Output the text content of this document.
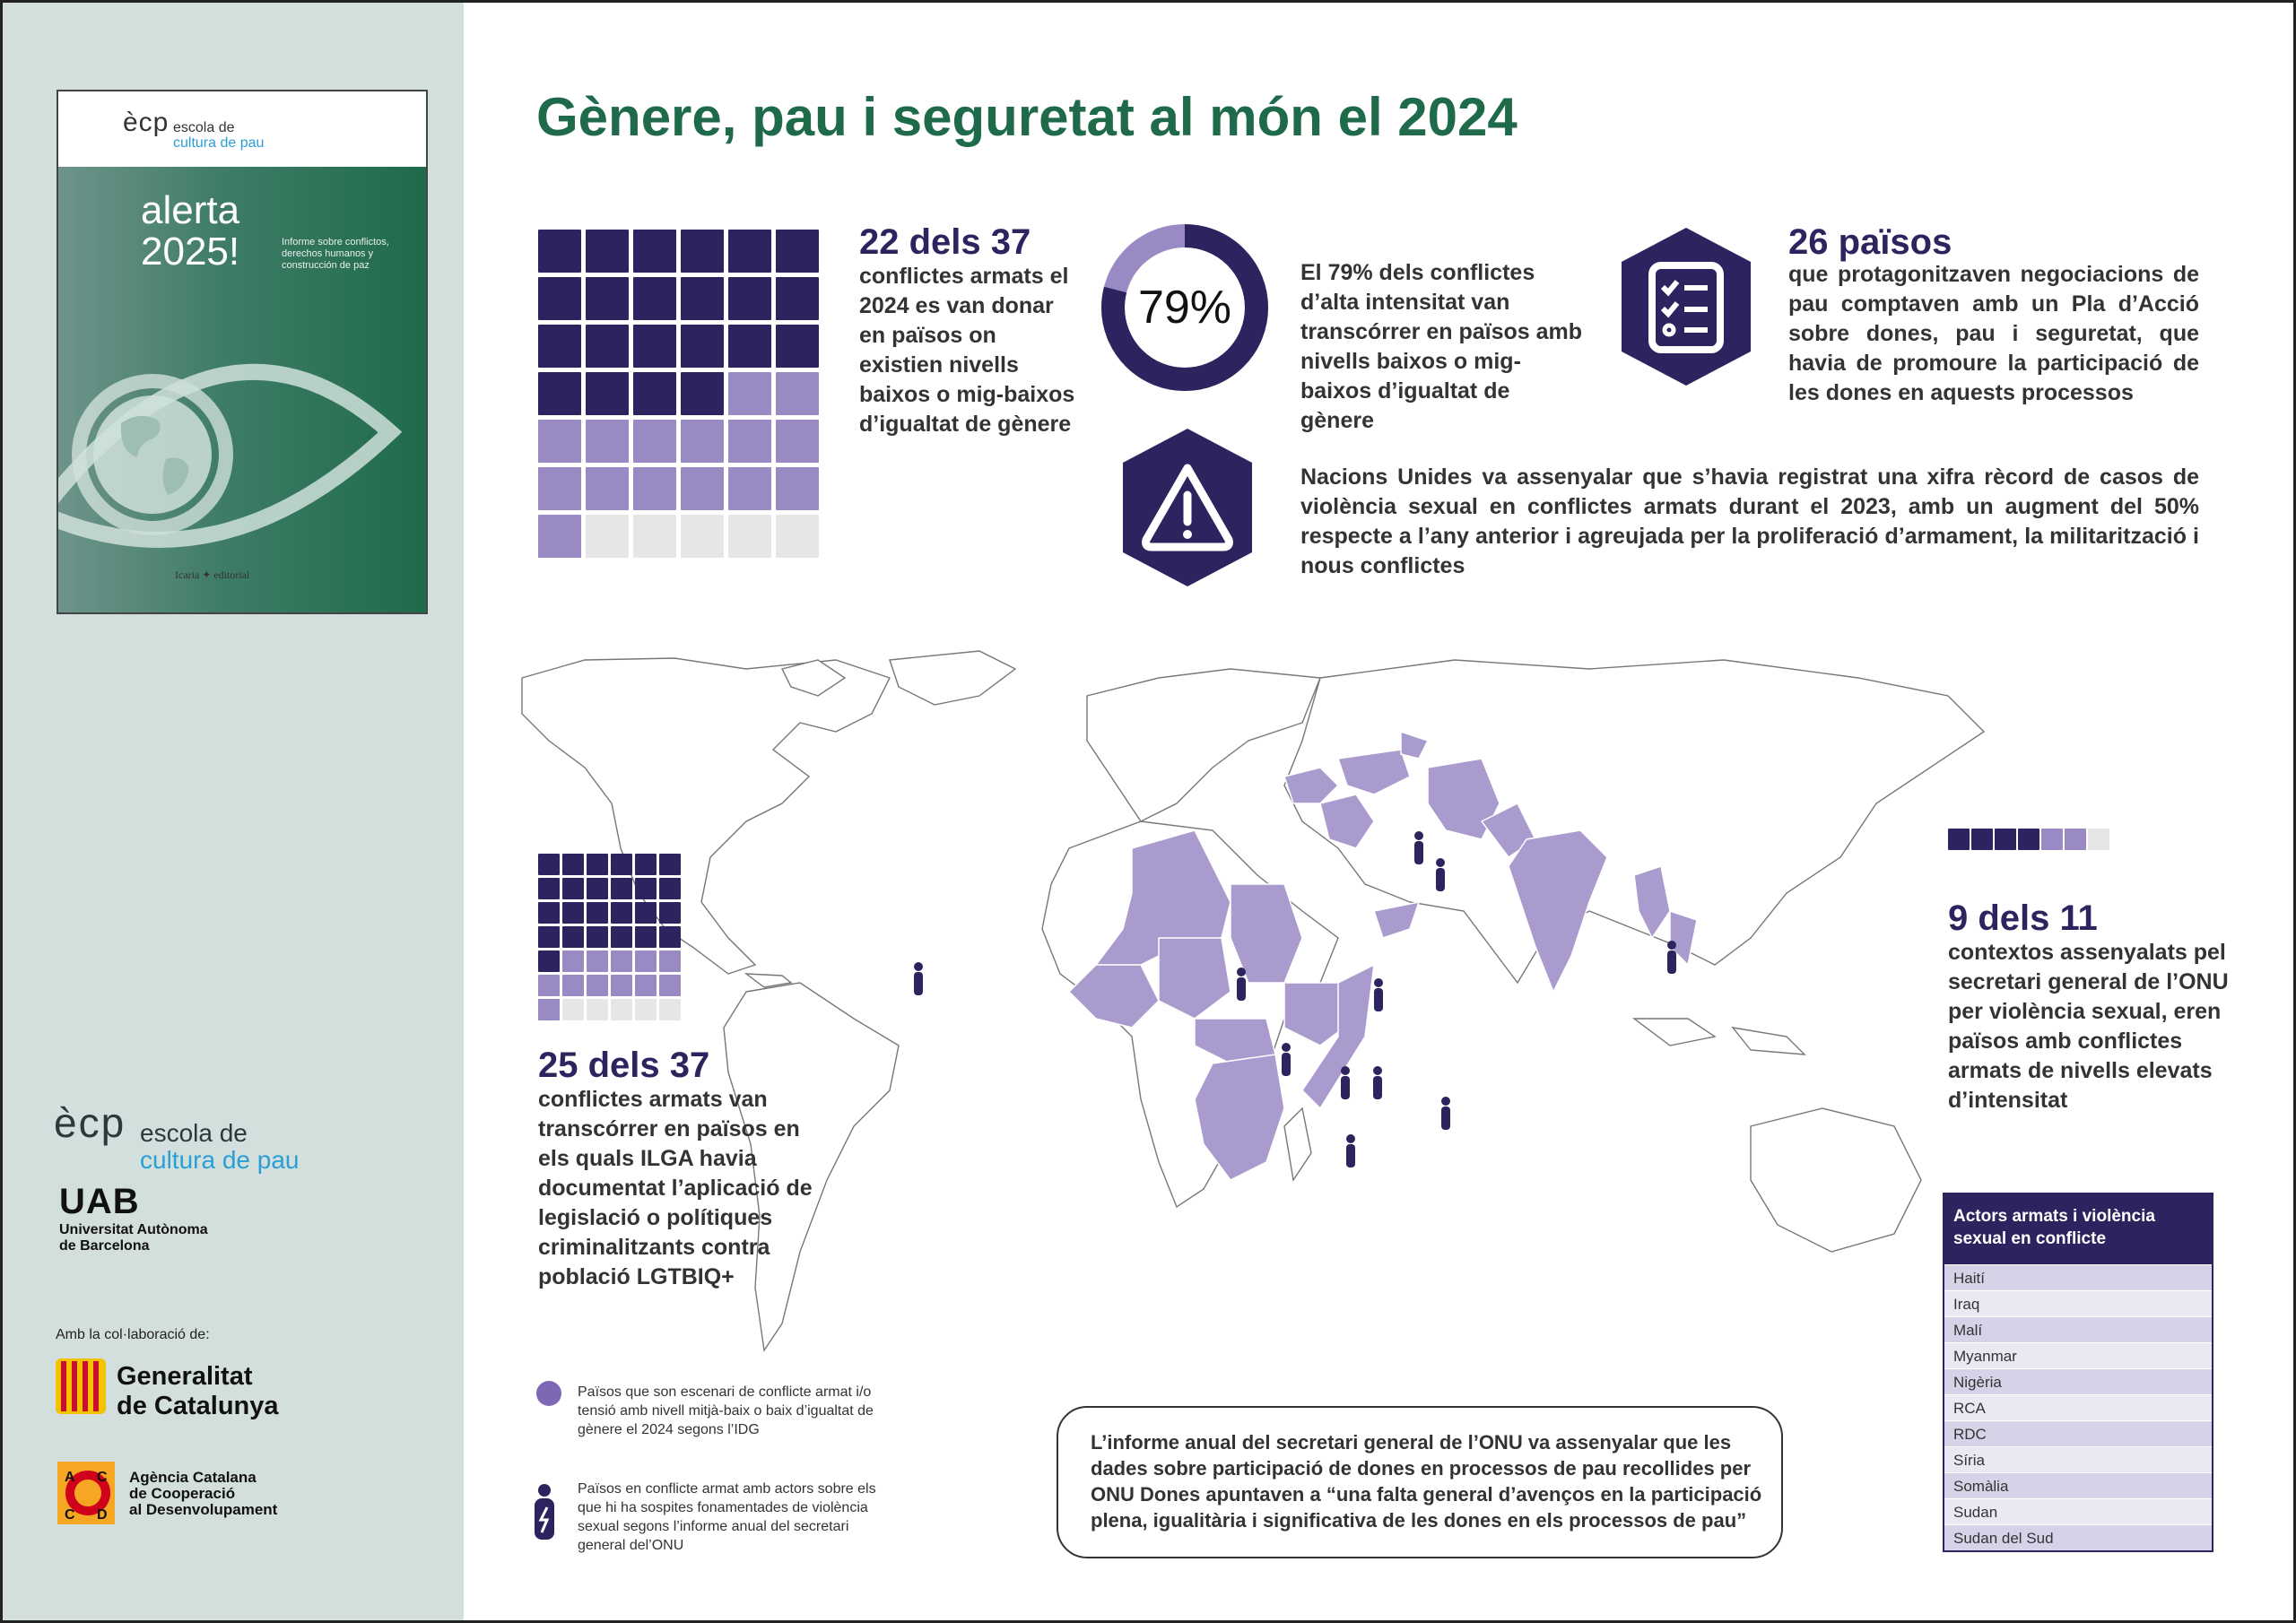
ècp escola de
cultura de pau
alerta
2025!	Informe sobre conflictos, derechos humanos y construcción de paz
Icaria ✦ editorial
ècp escola de
cultura de pau
UAB
Universitat Autònoma
de Barcelona
Amb la col·laboració de:
Generalitat
de Catalunya
A C
C D
Agència Catalana
de Cooperació
al Desenvolupament
Gènere, pau i seguretat al món el 2024
22 dels 37
conflictes armats el 2024 es van donar en països on existien nivells baixos o mig-baixos d’igualtat de gènere
79%
El 79% dels conflictes d’alta intensitat van transcórrer en països amb nivells baixos o mig-baixos d’igualtat de gènere
26 països
que protagonitzaven negociacions de pau comptaven amb un Pla d’Acció sobre dones, pau i seguretat, que havia de promoure la participació de les dones en aquests processos
Nacions Unides va assenyalar que s’havia registrat una xifra rècord de casos de violència sexual en conflictes armats durant el 2023, amb un augment del 50% respecte a l’any anterior i agreujada per la proliferació d’armament, la militarització i nous conflictes
25 dels 37
conflictes armats van transcórrer en països en els quals ILGA havia documentat l’aplicació de legislació o polítiques criminalitzants contra població LGTBIQ+
9 dels 11
contextos assenyalats pel secretari general de l’ONU per violència sexual, eren països amb conflictes armats de nivells elevats d’intensitat
Països que son escenari de conflicte armat i/o tensió amb nivell mitjà-baix o baix d’igualtat de gènere el 2024 segons l’IDG
Països en conflicte armat amb actors sobre els que hi ha sospites fonamentades de violència sexual segons l’informe anual del secretari general del’ONU
L’informe anual del secretari general de l’ONU va assenyalar que les dades sobre participació de dones en processos de pau recollides per ONU Dones apuntaven a “una falta general d’avenços en la participació plena, igualitària i significativa de les dones en els processos de pau”
Actors armats i violència sexual en conflicte
Haití
Iraq
Malí
Myanmar
Nigèria
RCA
RDC
Síria
Somàlia
Sudan
Sudan del Sud
